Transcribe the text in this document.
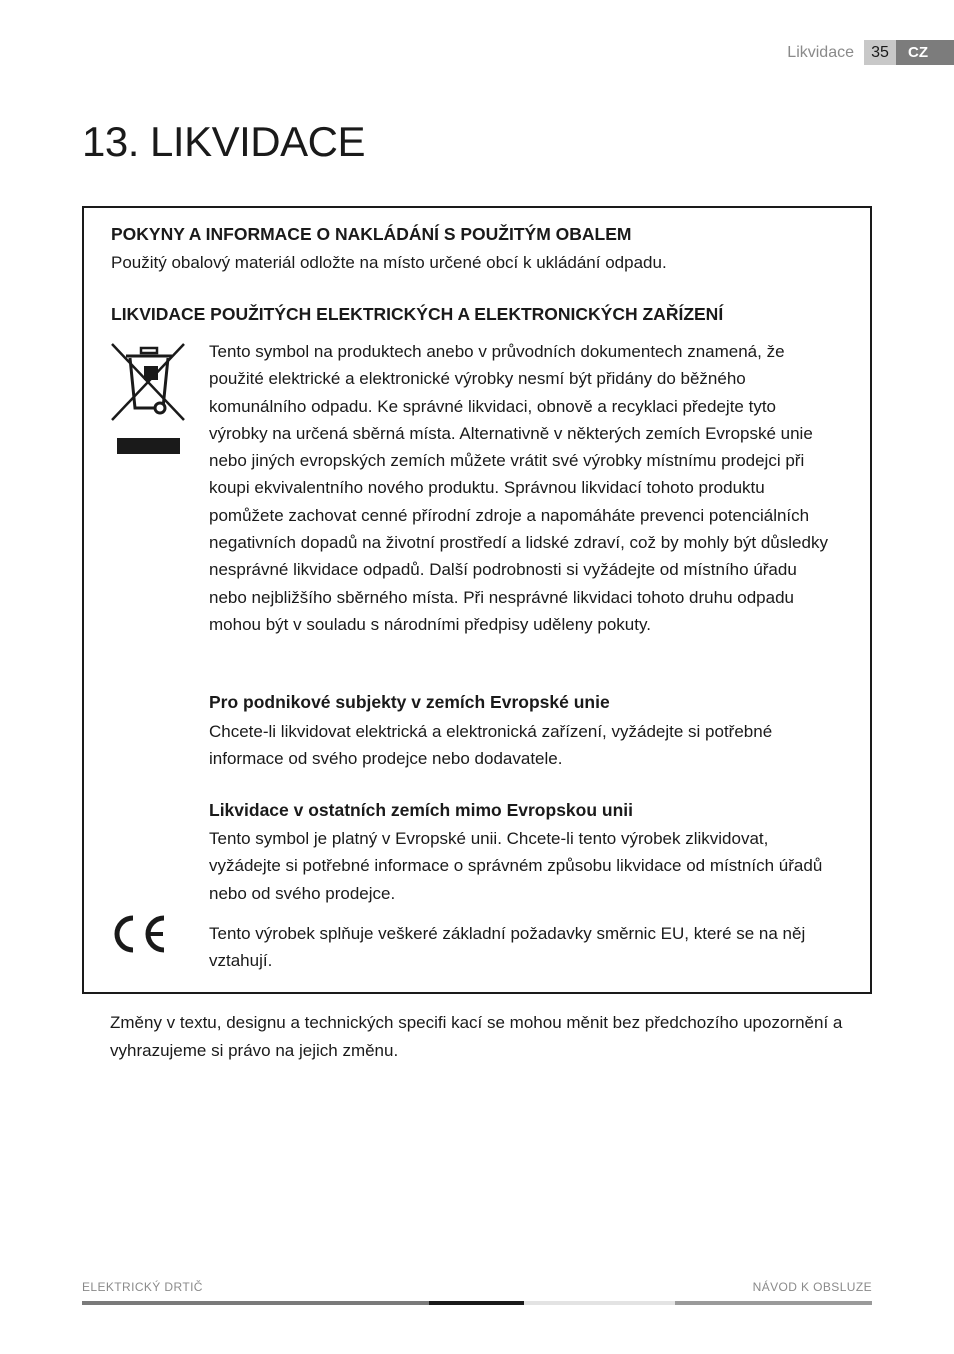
Likvidace	35	CZ
13. LIKVIDACE
POKYNY A INFORMACE O NAKLÁDÁNÍ S POUŽITÝM OBALEM
Použitý obalový materiál odložte na místo určené obcí k ukládání odpadu.
LIKVIDACE POUŽITÝCH ELEKTRICKÝCH A ELEKTRONICKÝCH ZAŘÍZENÍ
Tento symbol na produktech anebo v průvodních dokumentech znamená, že použité elektrické a elektronické výrobky nesmí být přidány do běžného komunálního odpadu. Ke správné likvidaci, obnově a recyklaci předejte tyto výrobky na určená sběrná místa. Alternativně v některých zemích Evropské unie nebo jiných evropských zemích můžete vrátit své výrobky místnímu prodejci při koupi ekvivalentního nového produktu. Správnou likvidací tohoto produktu pomůžete zachovat cenné přírodní zdroje a napomáháte prevenci potenciálních negativních dopadů na životní prostředí a lidské zdraví, což by mohly být důsledky nesprávné likvidace odpadů. Další podrobnosti si vyžádejte od místního úřadu nebo nejbližšího sběrného místa. Při nesprávné likvidaci tohoto druhu odpadu mohou být v souladu s národními předpisy uděleny pokuty.
Pro podnikové subjekty v zemích Evropské unie
Chcete-li likvidovat elektrická a elektronická zařízení, vyžádejte si potřebné informace od svého prodejce nebo dodavatele.
Likvidace v ostatních zemích mimo Evropskou unii
Tento symbol je platný v Evropské unii. Chcete-li tento výrobek zlikvidovat, vyžádejte si potřebné informace o správném způsobu likvidace od místních úřadů nebo od svého prodejce.
Tento výrobek splňuje veškeré základní požadavky směrnic EU, které se na něj vztahují.
Změny v textu, designu a technických specifi kací se mohou měnit bez předchozího upozornění a vyhrazujeme si právo na jejich změnu.
ELEKTRICKÝ DRTIČ	NÁVOD K OBSLUZE
